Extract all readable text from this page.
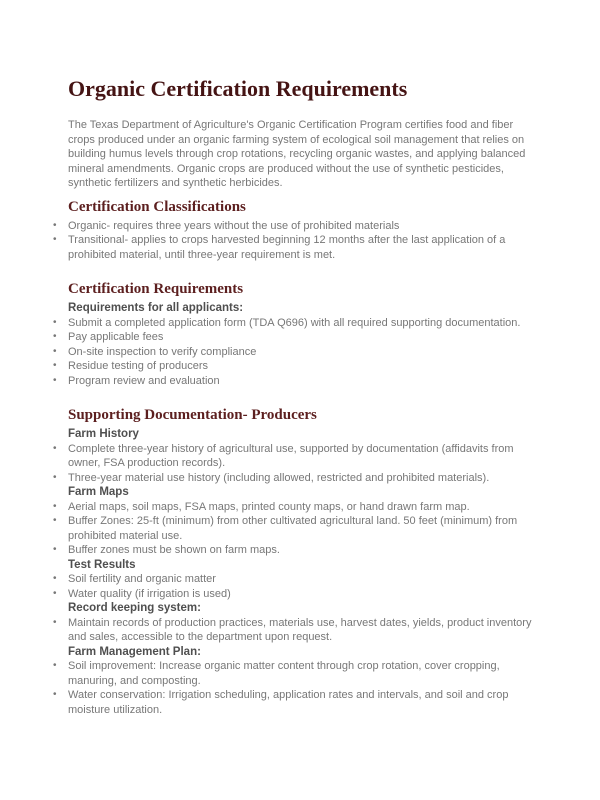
Organic Certification Requirements

The Texas Department of Agriculture's Organic Certification Program certifies food and fiber crops produced under an organic farming system of ecological soil management that relies on building humus levels through crop rotations, recycling organic wastes, and applying balanced mineral amendments. Organic crops are produced without the use of synthetic pesticides, synthetic fertilizers and synthetic herbicides.

Certification Classifications
• Organic- requires three years without the use of prohibited materials
• Transitional- applies to crops harvested beginning 12 months after the last application of a prohibited material, until three-year requirement is met.
Certification Requirements
Requirements for all applicants:
• Submit a completed application form (TDA Q696) with all required supporting documentation.
• Pay applicable fees
• On-site inspection to verify compliance
• Residue testing of producers
• Program review and evaluation
Supporting Documentation- Producers
Farm History
• Complete three-year history of agricultural use, supported by documentation (affidavits from owner, FSA production records).
• Three-year material use history (including allowed, restricted and prohibited materials).
Farm Maps
• Aerial maps, soil maps, FSA maps, printed county maps, or hand drawn farm map.
• Buffer Zones: 25-ft (minimum) from other cultivated agricultural land. 50 feet (minimum) from prohibited material use.
• Buffer zones must be shown on farm maps.
Test Results
• Soil fertility and organic matter
• Water quality (if irrigation is used)
Record keeping system:
• Maintain records of production practices, materials use, harvest dates, yields, product inventory and sales, accessible to the department upon request.
Farm Management Plan:
• Soil improvement: Increase organic matter content through crop rotation, cover cropping, manuring, and composting.
• Water conservation: Irrigation scheduling, application rates and intervals, and soil and crop moisture utilization.
